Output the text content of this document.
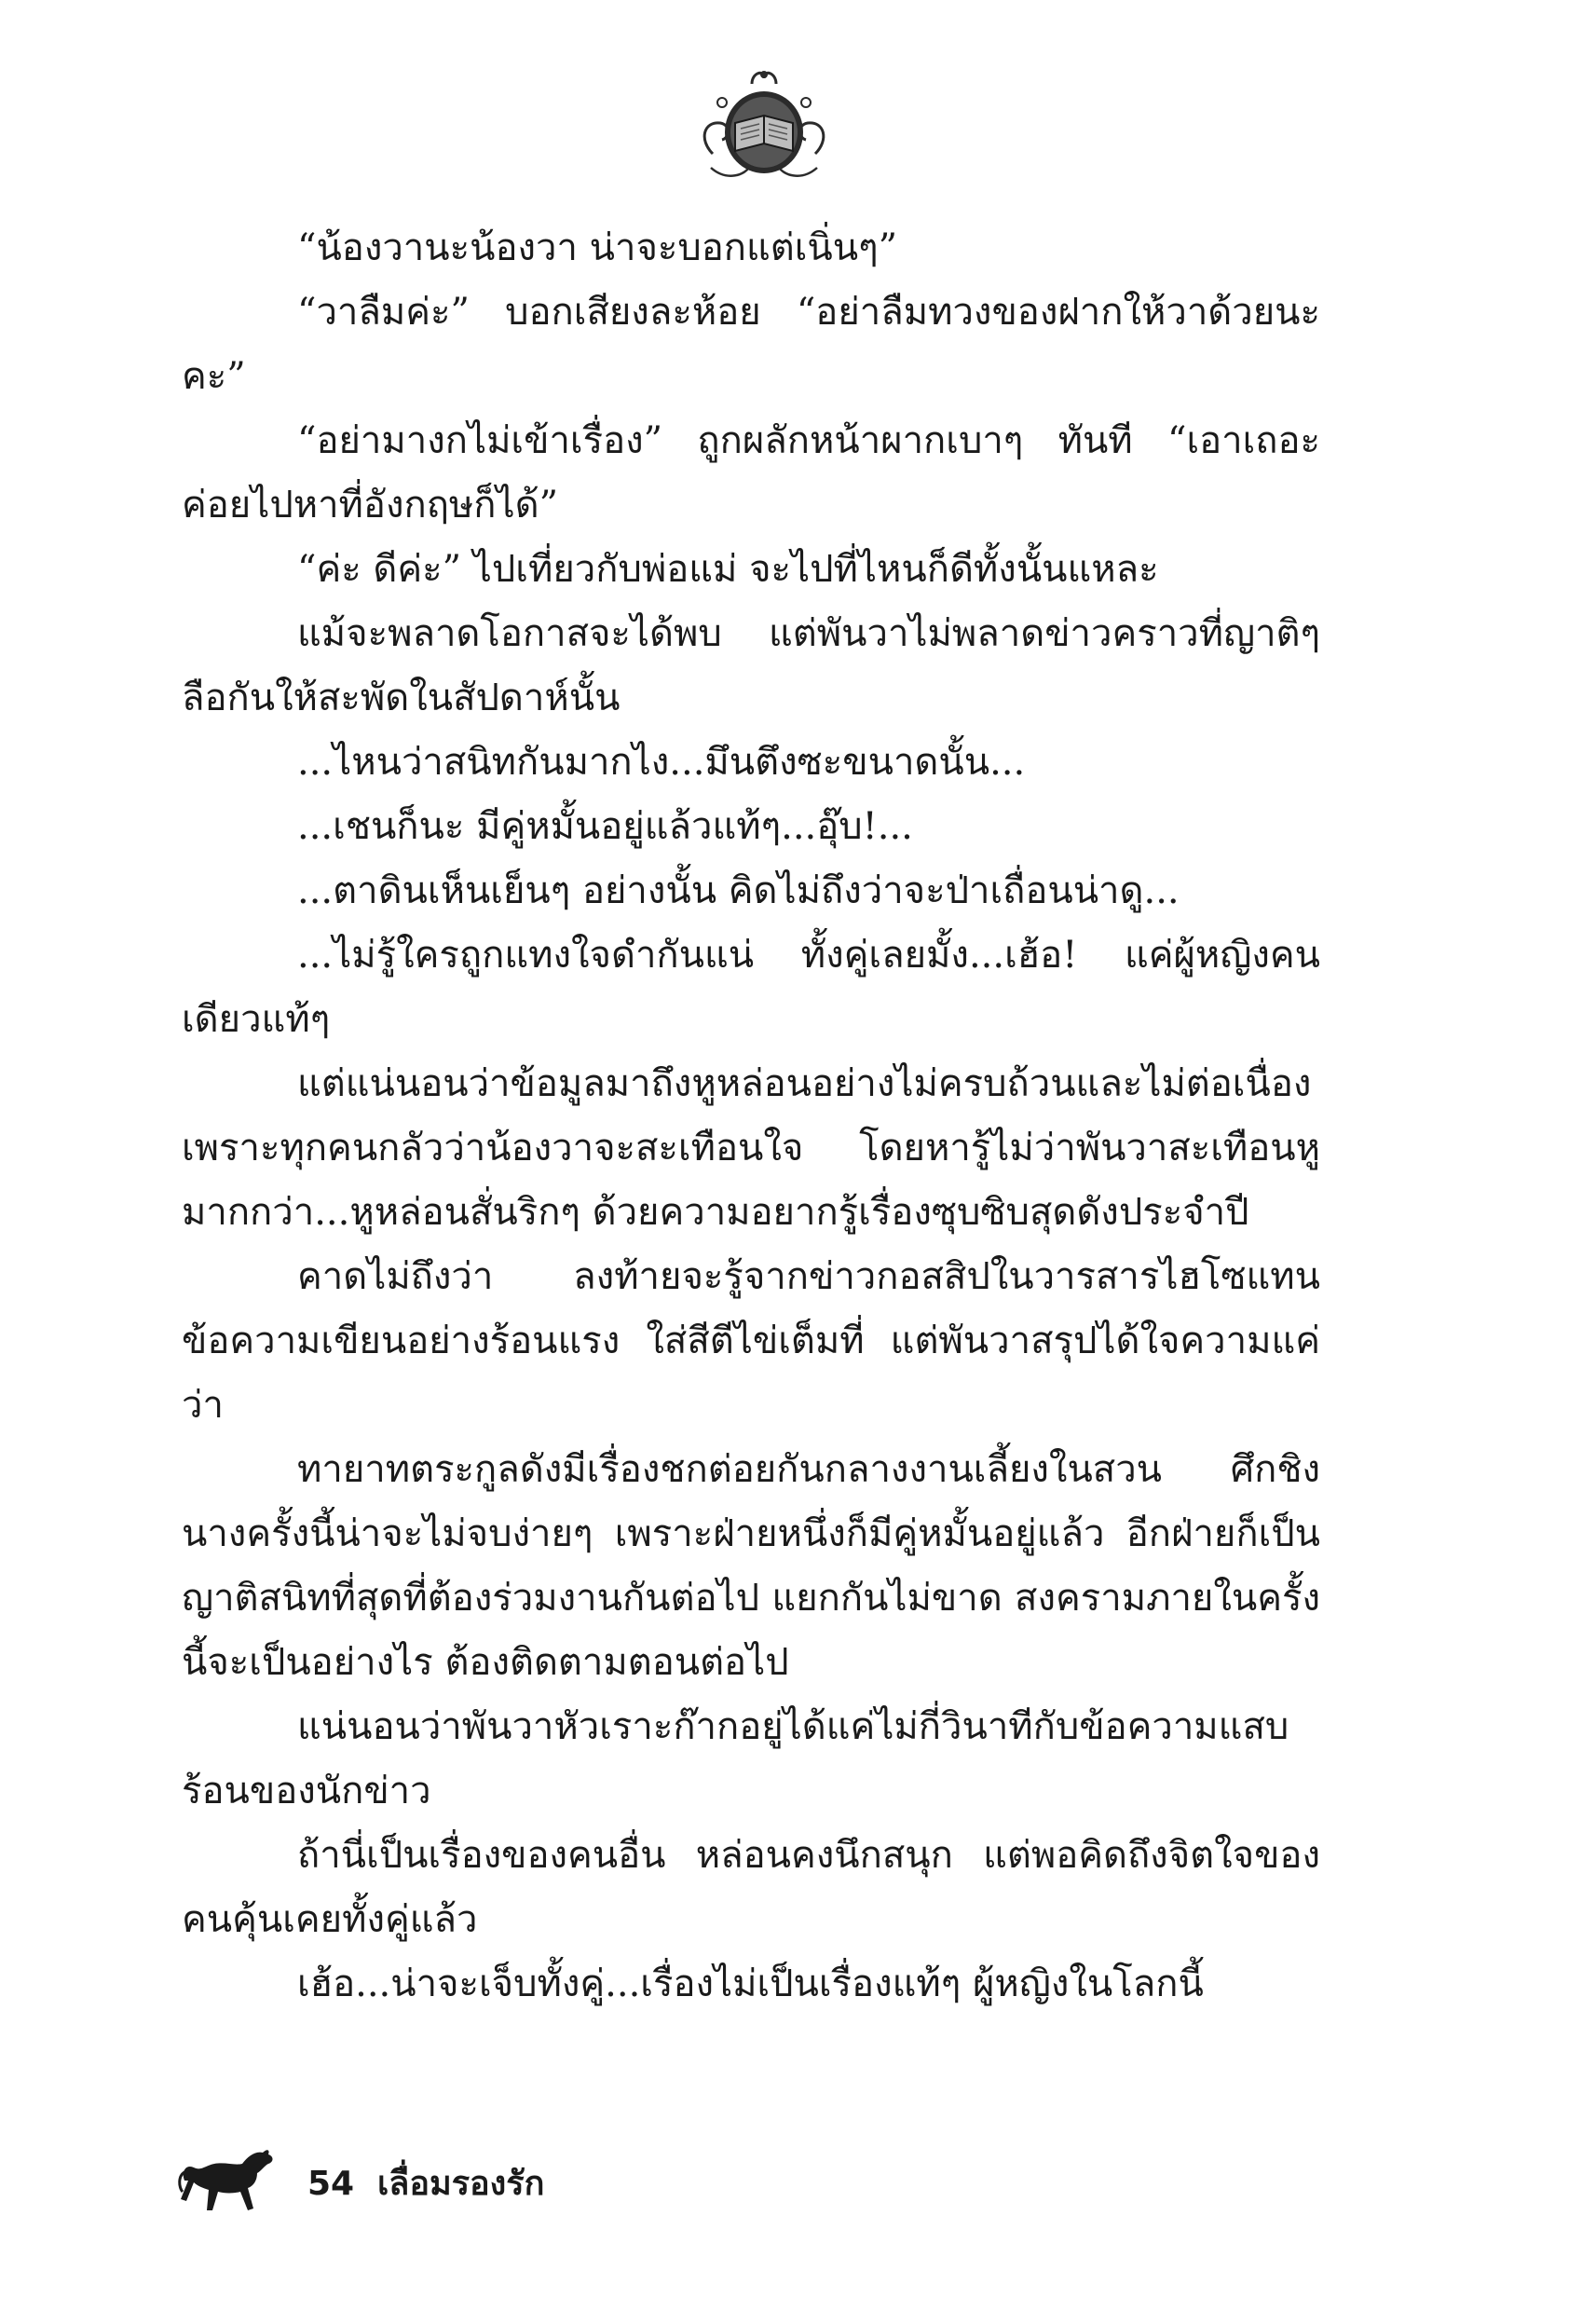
“น้องวานะน้องวา น่าจะบอกแต่เนิ่นๆ”

“วาลืมค่ะ” บอกเสียงละห้อย “อย่าลืมทวงของฝากให้วาด้วยนะคะ”

“อย่ามางกไม่เข้าเรื่อง” ถูกผลักหน้าผากเบาๆ ทันที “เอาเถอะ ค่อยไปหาที่อังกฤษก็ได้”

“ค่ะ ดีค่ะ” ไปเที่ยวกับพ่อแม่ จะไปที่ไหนก็ดีทั้งนั้นแหละ

แม้จะพลาดโอกาสจะได้พบ แต่พันวาไม่พลาดข่าวคราวที่ญาติๆ ลือกันให้สะพัดในสัปดาห์นั้น

...ไหนว่าสนิทกันมากไง...มึนตึงซะขนาดนั้น...

...เชนก็นะ มีคู่หมั้นอยู่แล้วแท้ๆ...อุ๊บ!...

...ตาดินเห็นเย็นๆ อย่างนั้น คิดไม่ถึงว่าจะป่าเถื่อนน่าดู...

...ไม่รู้ใครถูกแทงใจดำกันแน่ ทั้งคู่เลยมั้ง...เฮ้อ! แค่ผู้หญิงคนเดียวแท้ๆ

แต่แน่นอนว่าข้อมูลมาถึงหูหล่อนอย่างไม่ครบถ้วนและไม่ต่อเนื่อง เพราะทุกคนกลัวว่าน้องวาจะสะเทือนใจ โดยหารู้ไม่ว่าพันวาสะเทือนหูมากกว่า...หูหล่อนสั่นริกๆ ด้วยความอยากรู้เรื่องซุบซิบสุดดังประจำปี

คาดไม่ถึงว่า ลงท้ายจะรู้จากข่าวกอสสิปในวารสารไฮโซแทน ข้อความเขียนอย่างร้อนแรง ใส่สีตีไข่เต็มที่ แต่พันวาสรุปได้ใจความแค่ว่า

ทายาทตระกูลดังมีเรื่องชกต่อยกันกลางงานเลี้ยงในสวน ศึกชิงนางครั้งนี้น่าจะไม่จบง่ายๆ เพราะฝ่ายหนึ่งก็มีคู่หมั้นอยู่แล้ว อีกฝ่ายก็เป็นญาติสนิทที่สุดที่ต้องร่วมงานกันต่อไป แยกกันไม่ขาด สงครามภายในครั้งนี้จะเป็นอย่างไร ต้องติดตามตอนต่อไป

แน่นอนว่าพันวาหัวเราะก๊ากอยู่ได้แค่ไม่กี่วินาทีกับข้อความแสบร้อนของนักข่าว

ถ้านี่เป็นเรื่องของคนอื่น หล่อนคงนึกสนุก แต่พอคิดถึงจิตใจของคนคุ้นเคยทั้งคู่แล้ว

เฮ้อ...น่าจะเจ็บทั้งคู่...เรื่องไม่เป็นเรื่องแท้ๆ ผู้หญิงในโลกนี้

54 เลื่อมรองรัก
